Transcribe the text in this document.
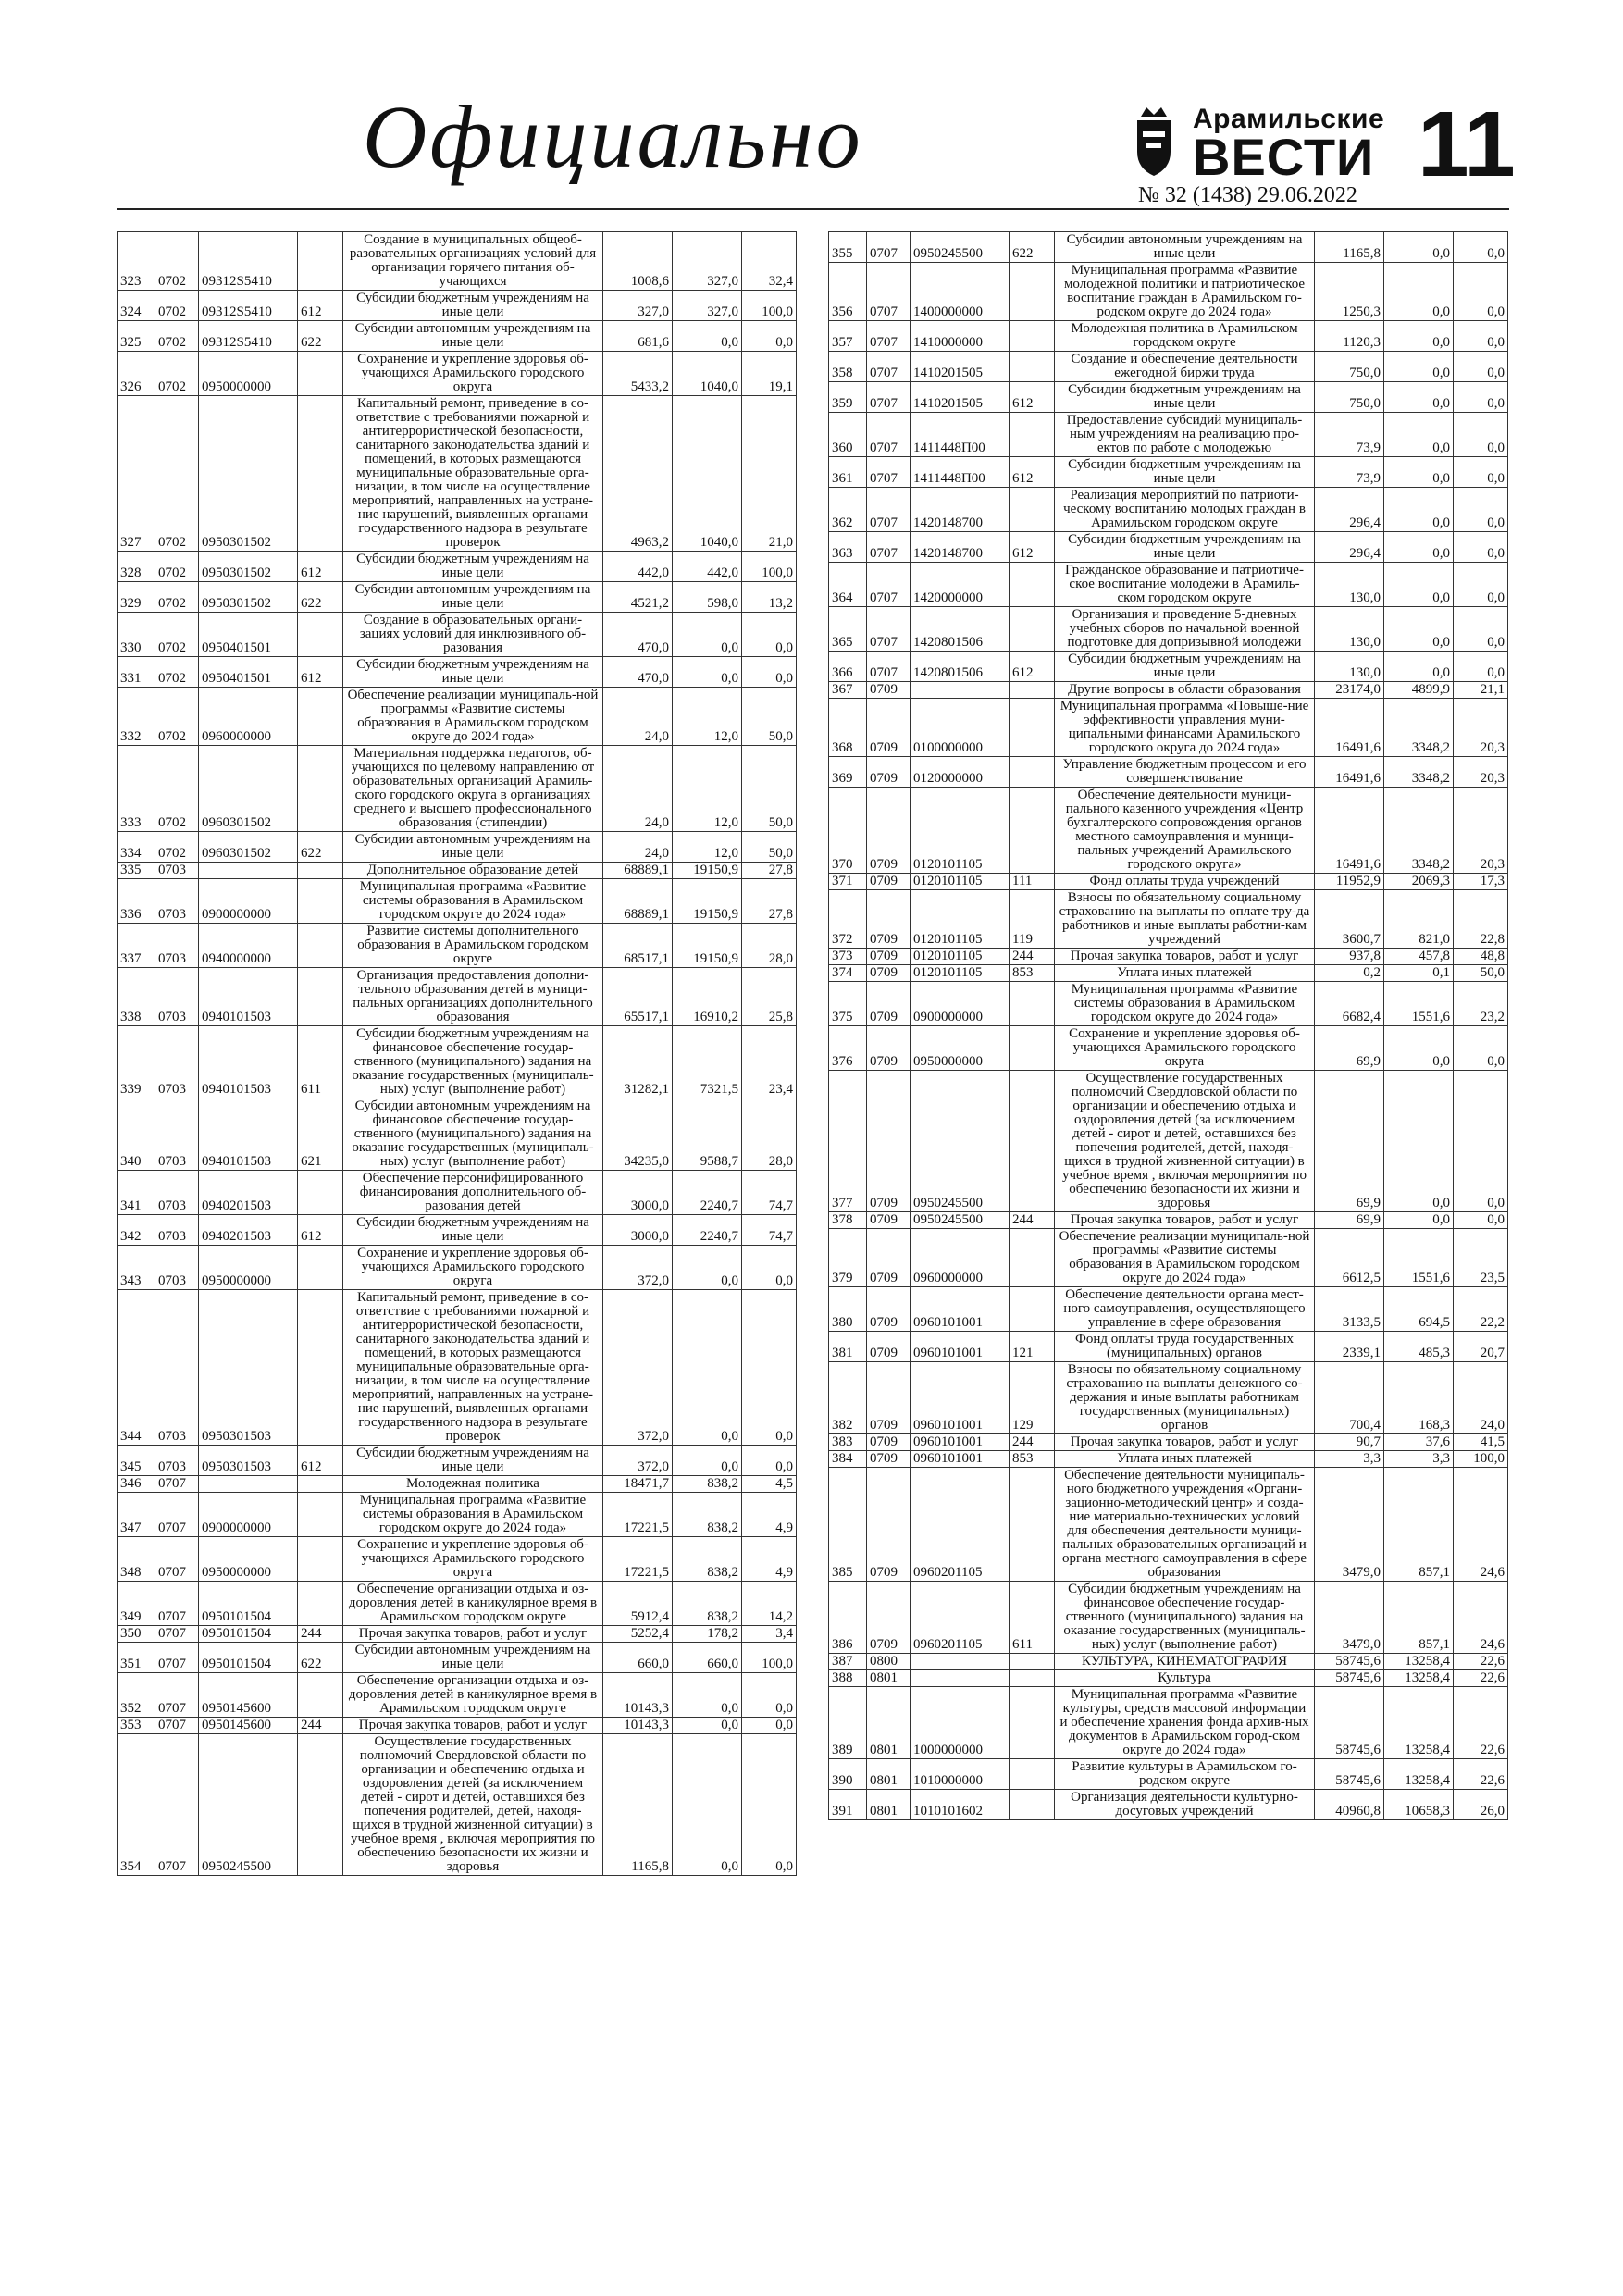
Официально	Арамильские
ВЕСТИ 11
№ 32 (1438) 29.06.2022
323	0702	09312S5410		Создание в муниципальных общеоб-разовательных организациях условий для организации горячего питания об-учающихся	1008,6	327,0	32,4
324	0702	09312S5410	612	Субсидии бюджетным учреждениям на иные цели	327,0	327,0	100,0
325	0702	09312S5410	622	Субсидии автономным учреждениям на иные цели	681,6	0,0	0,0
326	0702	0950000000		Сохранение и укрепление здоровья об-учающихся Арамильского городского округа	5433,2	1040,0	19,1
327	0702	0950301502		Капитальный ремонт, приведение в со-ответствие с требованиями пожарной и антитеррористической безопасности, санитарного законодательства зданий и помещений, в которых размещаются муниципальные образовательные орга-низации, в том числе на осуществление мероприятий, направленных на устране-ние нарушений, выявленных органами государственного надзора в результате проверок	4963,2	1040,0	21,0
328	0702	0950301502	612	Субсидии бюджетным учреждениям на иные цели	442,0	442,0	100,0
329	0702	0950301502	622	Субсидии автономным учреждениям на иные цели	4521,2	598,0	13,2
330	0702	0950401501		Создание в образовательных органи-зациях условий для инклюзивного об-разования	470,0	0,0	0,0
331	0702	0950401501	612	Субсидии бюджетным учреждениям на иные цели	470,0	0,0	0,0
332	0702	0960000000		Обеспечение реализации муниципаль-ной программы «Развитие системы образования в Арамильском городском округе до 2024 года»	24,0	12,0	50,0
333	0702	0960301502		Материальная поддержка педагогов, об-учающихся по целевому направлению от образовательных организаций Арамиль-ского городского округа в организациях среднего и высшего профессионального образования (стипендии)	24,0	12,0	50,0
334	0702	0960301502	622	Субсидии автономным учреждениям на иные цели	24,0	12,0	50,0
335	0703			Дополнительное образование детей	68889,1	19150,9	27,8
336	0703	0900000000		Муниципальная программа «Развитие системы образования в Арамильском городском округе до 2024 года»	68889,1	19150,9	27,8
337	0703	0940000000		Развитие системы дополнительного образования в Арамильском городском округе	68517,1	19150,9	28,0
338	0703	0940101503		Организация предоставления дополни-тельного образования детей в муници-пальных организациях дополнительного образования	65517,1	16910,2	25,8
339	0703	0940101503	611	Субсидии бюджетным учреждениям на финансовое обеспечение государ-ственного (муниципального) задания на оказание государственных (муниципаль-ных) услуг (выполнение работ)	31282,1	7321,5	23,4
340	0703	0940101503	621	Субсидии автономным учреждениям на финансовое обеспечение государ-ственного (муниципального) задания на оказание государственных (муниципаль-ных) услуг (выполнение работ)	34235,0	9588,7	28,0
341	0703	0940201503		Обеспечение персонифицированного финансирования дополнительного об-разования детей	3000,0	2240,7	74,7
342	0703	0940201503	612	Субсидии бюджетным учреждениям на иные цели	3000,0	2240,7	74,7
343	0703	0950000000		Сохранение и укрепление здоровья об-учающихся Арамильского городского округа	372,0	0,0	0,0
344	0703	0950301503		Капитальный ремонт, приведение в со-ответствие с требованиями пожарной и антитеррористической безопасности, санитарного законодательства зданий и помещений, в которых размещаются муниципальные образовательные орга-низации, в том числе на осуществление мероприятий, направленных на устране-ние нарушений, выявленных органами государственного надзора в результате проверок	372,0	0,0	0,0
345	0703	0950301503	612	Субсидии бюджетным учреждениям на иные цели	372,0	0,0	0,0
346	0707			Молодежная политика	18471,7	838,2	4,5
347	0707	0900000000		Муниципальная программа «Развитие системы образования в Арамильском городском округе до 2024 года»	17221,5	838,2	4,9
348	0707	0950000000		Сохранение и укрепление здоровья об-учающихся Арамильского городского округа	17221,5	838,2	4,9
349	0707	0950101504		Обеспечение организации отдыха и оз-доровления детей в каникулярное время в Арамильском городском округе	5912,4	838,2	14,2
350	0707	0950101504	244	Прочая закупка товаров, работ и услуг	5252,4	178,2	3,4
351	0707	0950101504	622	Субсидии автономным учреждениям на иные цели	660,0	660,0	100,0
352	0707	0950145600		Обеспечение организации отдыха и оз-доровления детей в каникулярное время в Арамильском городском округе	10143,3	0,0	0,0
353	0707	0950145600	244	Прочая закупка товаров, работ и услуг	10143,3	0,0	0,0
354	0707	0950245500		Осуществление государственных полномочий Свердловской области по организации и обеспечению отдыха и оздоровления детей (за исключением детей - сирот и детей, оставшихся без попечения родителей, детей, находя-щихся в трудной жизненной ситуации) в учебное время , включая мероприятия по обеспечению безопасности их жизни и здоровья	1165,8	0,0	0,0
355	0707	0950245500	622	Субсидии автономным учреждениям на иные цели	1165,8	0,0	0,0
356	0707	1400000000		Муниципальная программа «Развитие молодежной политики и патриотическое воспитание граждан в Арамильском го-родском округе до 2024 года»	1250,3	0,0	0,0
357	0707	1410000000		Молодежная политика в Арамильском городском округе	1120,3	0,0	0,0
358	0707	1410201505		Создание и обеспечение деятельности ежегодной биржи труда	750,0	0,0	0,0
359	0707	1410201505	612	Субсидии бюджетным учреждениям на иные цели	750,0	0,0	0,0
360	0707	1411448П00		Предоставление субсидий муниципаль-ным учреждениям на реализацию про-ектов по работе с молодежью	73,9	0,0	0,0
361	0707	1411448П00	612	Субсидии бюджетным учреждениям на иные цели	73,9	0,0	0,0
362	0707	1420148700		Реализация мероприятий по патриоти-ческому воспитанию молодых граждан в Арамильском городском округе	296,4	0,0	0,0
363	0707	1420148700	612	Субсидии бюджетным учреждениям на иные цели	296,4	0,0	0,0
364	0707	1420000000		Гражданское образование и патриотиче-ское воспитание молодежи в Арамиль-ском городском округе	130,0	0,0	0,0
365	0707	1420801506		Организация и проведение 5-дневных учебных сборов по начальной военной подготовке для допризывной молодежи	130,0	0,0	0,0
366	0707	1420801506	612	Субсидии бюджетным учреждениям на иные цели	130,0	0,0	0,0
367	0709			Другие вопросы в области образования	23174,0	4899,9	21,1
368	0709	0100000000		Муниципальная программа «Повыше-ние эффективности управления муни-ципальными финансами Арамильского городского округа до 2024 года»	16491,6	3348,2	20,3
369	0709	0120000000		Управление бюджетным процессом и его совершенствование	16491,6	3348,2	20,3
370	0709	0120101105		Обеспечение деятельности муници-пального казенного учреждения «Центр бухгалтерского сопровождения органов местного самоуправления и муници-пальных учреждений Арамильского городского округа»	16491,6	3348,2	20,3
371	0709	0120101105	111	Фонд оплаты труда учреждений	11952,9	2069,3	17,3
372	0709	0120101105	119	Взносы по обязательному социальному страхованию на выплаты по оплате тру-да работников и иные выплаты работни-кам учреждений	3600,7	821,0	22,8
373	0709	0120101105	244	Прочая закупка товаров, работ и услуг	937,8	457,8	48,8
374	0709	0120101105	853	Уплата иных платежей	0,2	0,1	50,0
375	0709	0900000000		Муниципальная программа «Развитие системы образования в Арамильском городском округе до 2024 года»	6682,4	1551,6	23,2
376	0709	0950000000		Сохранение и укрепление здоровья об-учающихся Арамильского городского округа	69,9	0,0	0,0
377	0709	0950245500		Осуществление государственных полномочий Свердловской области по организации и обеспечению отдыха и оздоровления детей (за исключением детей - сирот и детей, оставшихся без попечения родителей, детей, находя-щихся в трудной жизненной ситуации) в учебное время , включая мероприятия по обеспечению безопасности их жизни и здоровья	69,9	0,0	0,0
378	0709	0950245500	244	Прочая закупка товаров, работ и услуг	69,9	0,0	0,0
379	0709	0960000000		Обеспечение реализации муниципаль-ной программы «Развитие системы образования в Арамильском городском округе до 2024 года»	6612,5	1551,6	23,5
380	0709	0960101001		Обеспечение деятельности органа мест-ного самоуправления, осуществляющего управление в сфере образования	3133,5	694,5	22,2
381	0709	0960101001	121	Фонд оплаты труда государственных (муниципальных) органов	2339,1	485,3	20,7
382	0709	0960101001	129	Взносы по обязательному социальному страхованию на выплаты денежного со-держания и иные выплаты работникам государственных (муниципальных) органов	700,4	168,3	24,0
383	0709	0960101001	244	Прочая закупка товаров, работ и услуг	90,7	37,6	41,5
384	0709	0960101001	853	Уплата иных платежей	3,3	3,3	100,0
385	0709	0960201105		Обеспечение деятельности муниципаль-ного бюджетного учреждения «Органи-зационно-методический центр» и созда-ние материально-технических условий для обеспечения деятельности муници-пальных образовательных организаций и органа местного самоуправления в сфере образования	3479,0	857,1	24,6
386	0709	0960201105	611	Субсидии бюджетным учреждениям на финансовое обеспечение государ-ственного (муниципального) задания на оказание государственных (муниципаль-ных) услуг (выполнение работ)	3479,0	857,1	24,6
387	0800			КУЛЬТУРА, КИНЕМАТОГРАФИЯ	58745,6	13258,4	22,6
388	0801			Культура	58745,6	13258,4	22,6
389	0801	1000000000		Муниципальная программа «Развитие культуры, средств массовой информации и обеспечение хранения фонда архив-ных документов в Арамильском город-ском округе до 2024 года»	58745,6	13258,4	22,6
390	0801	1010000000		Развитие культуры в Арамильском го-родском округе	58745,6	13258,4	22,6
391	0801	1010101602		Организация деятельности культурно-досуговых учреждений	40960,8	10658,3	26,0
